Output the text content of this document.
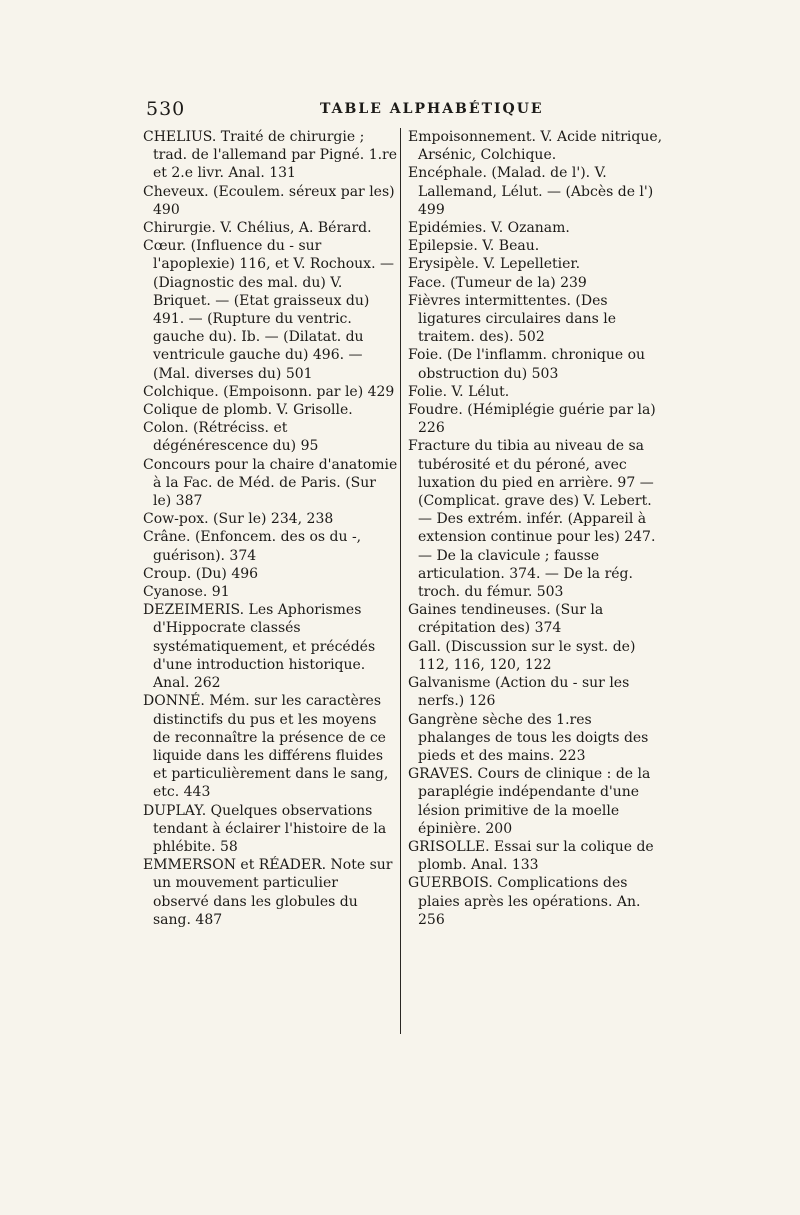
530	TABLE ALPHABÉTIQUE

CHELIUS. Traité de chirurgie ; trad. de l'allemand par Pigné. 1.re et 2.e livr. Anal. 131

Cheveux. (Ecoulem. séreux par les) 490

Chirurgie. V. Chélius, A. Bérard.

Cœur. (Influence du - sur l'apoplexie) 116, et V. Rochoux. — (Diagnostic des mal. du) V. Briquet. — (Etat graisseux du) 491. — (Rupture du ventric. gauche du). Ib. — (Dilatat. du ventricule gauche du) 496. — (Mal. diverses du) 501

Colchique. (Empoisonn. par le) 429

Colique de plomb. V. Grisolle.

Colon. (Rétréciss. et dégénérescence du) 95

Concours pour la chaire d'anatomie à la Fac. de Méd. de Paris. (Sur le) 387

Cow-pox. (Sur le) 234, 238

Crâne. (Enfoncem. des os du -, guérison). 374

Croup. (Du) 496

Cyanose. 91

DEZEIMERIS. Les Aphorismes d'Hippocrate classés systématiquement, et précédés d'une introduction historique. Anal. 262

DONNÉ. Mém. sur les caractères distinctifs du pus et les moyens de reconnaître la présence de ce liquide dans les différens fluides et particulièrement dans le sang, etc. 443

DUPLAY. Quelques observations tendant à éclairer l'histoire de la phlébite. 58

EMMERSON et RÉADER. Note sur un mouvement particulier observé dans les globules du sang. 487

Empoisonnement. V. Acide nitrique, Arsénic, Colchique.

Encéphale. (Malad. de l'). V. Lallemand, Lélut. — (Abcès de l') 499

Epidémies. V. Ozanam.

Epilepsie. V. Beau.

Erysipèle. V. Lepelletier.

Face. (Tumeur de la) 239

Fièvres intermittentes. (Des ligatures circulaires dans le traitem. des). 502

Foie. (De l'inflamm. chronique ou obstruction du) 503

Folie. V. Lélut.

Foudre. (Hémiplégie guérie par la) 226

Fracture du tibia au niveau de sa tubérosité et du péroné, avec luxation du pied en arrière. 97 — (Complicat. grave des) V. Lebert. — Des extrém. infér. (Appareil à extension continue pour les) 247. — De la clavicule ; fausse articulation. 374. — De la rég. troch. du fémur. 503

Gaines tendineuses. (Sur la crépitation des) 374

Gall. (Discussion sur le syst. de) 112, 116, 120, 122

Galvanisme (Action du - sur les nerfs.) 126

Gangrène sèche des 1.res phalanges de tous les doigts des pieds et des mains. 223

GRAVES. Cours de clinique : de la paraplégie indépendante d'une lésion primitive de la moelle épinière. 200

GRISOLLE. Essai sur la colique de plomb. Anal. 133

GUERBOIS. Complications des plaies après les opérations. An. 256
